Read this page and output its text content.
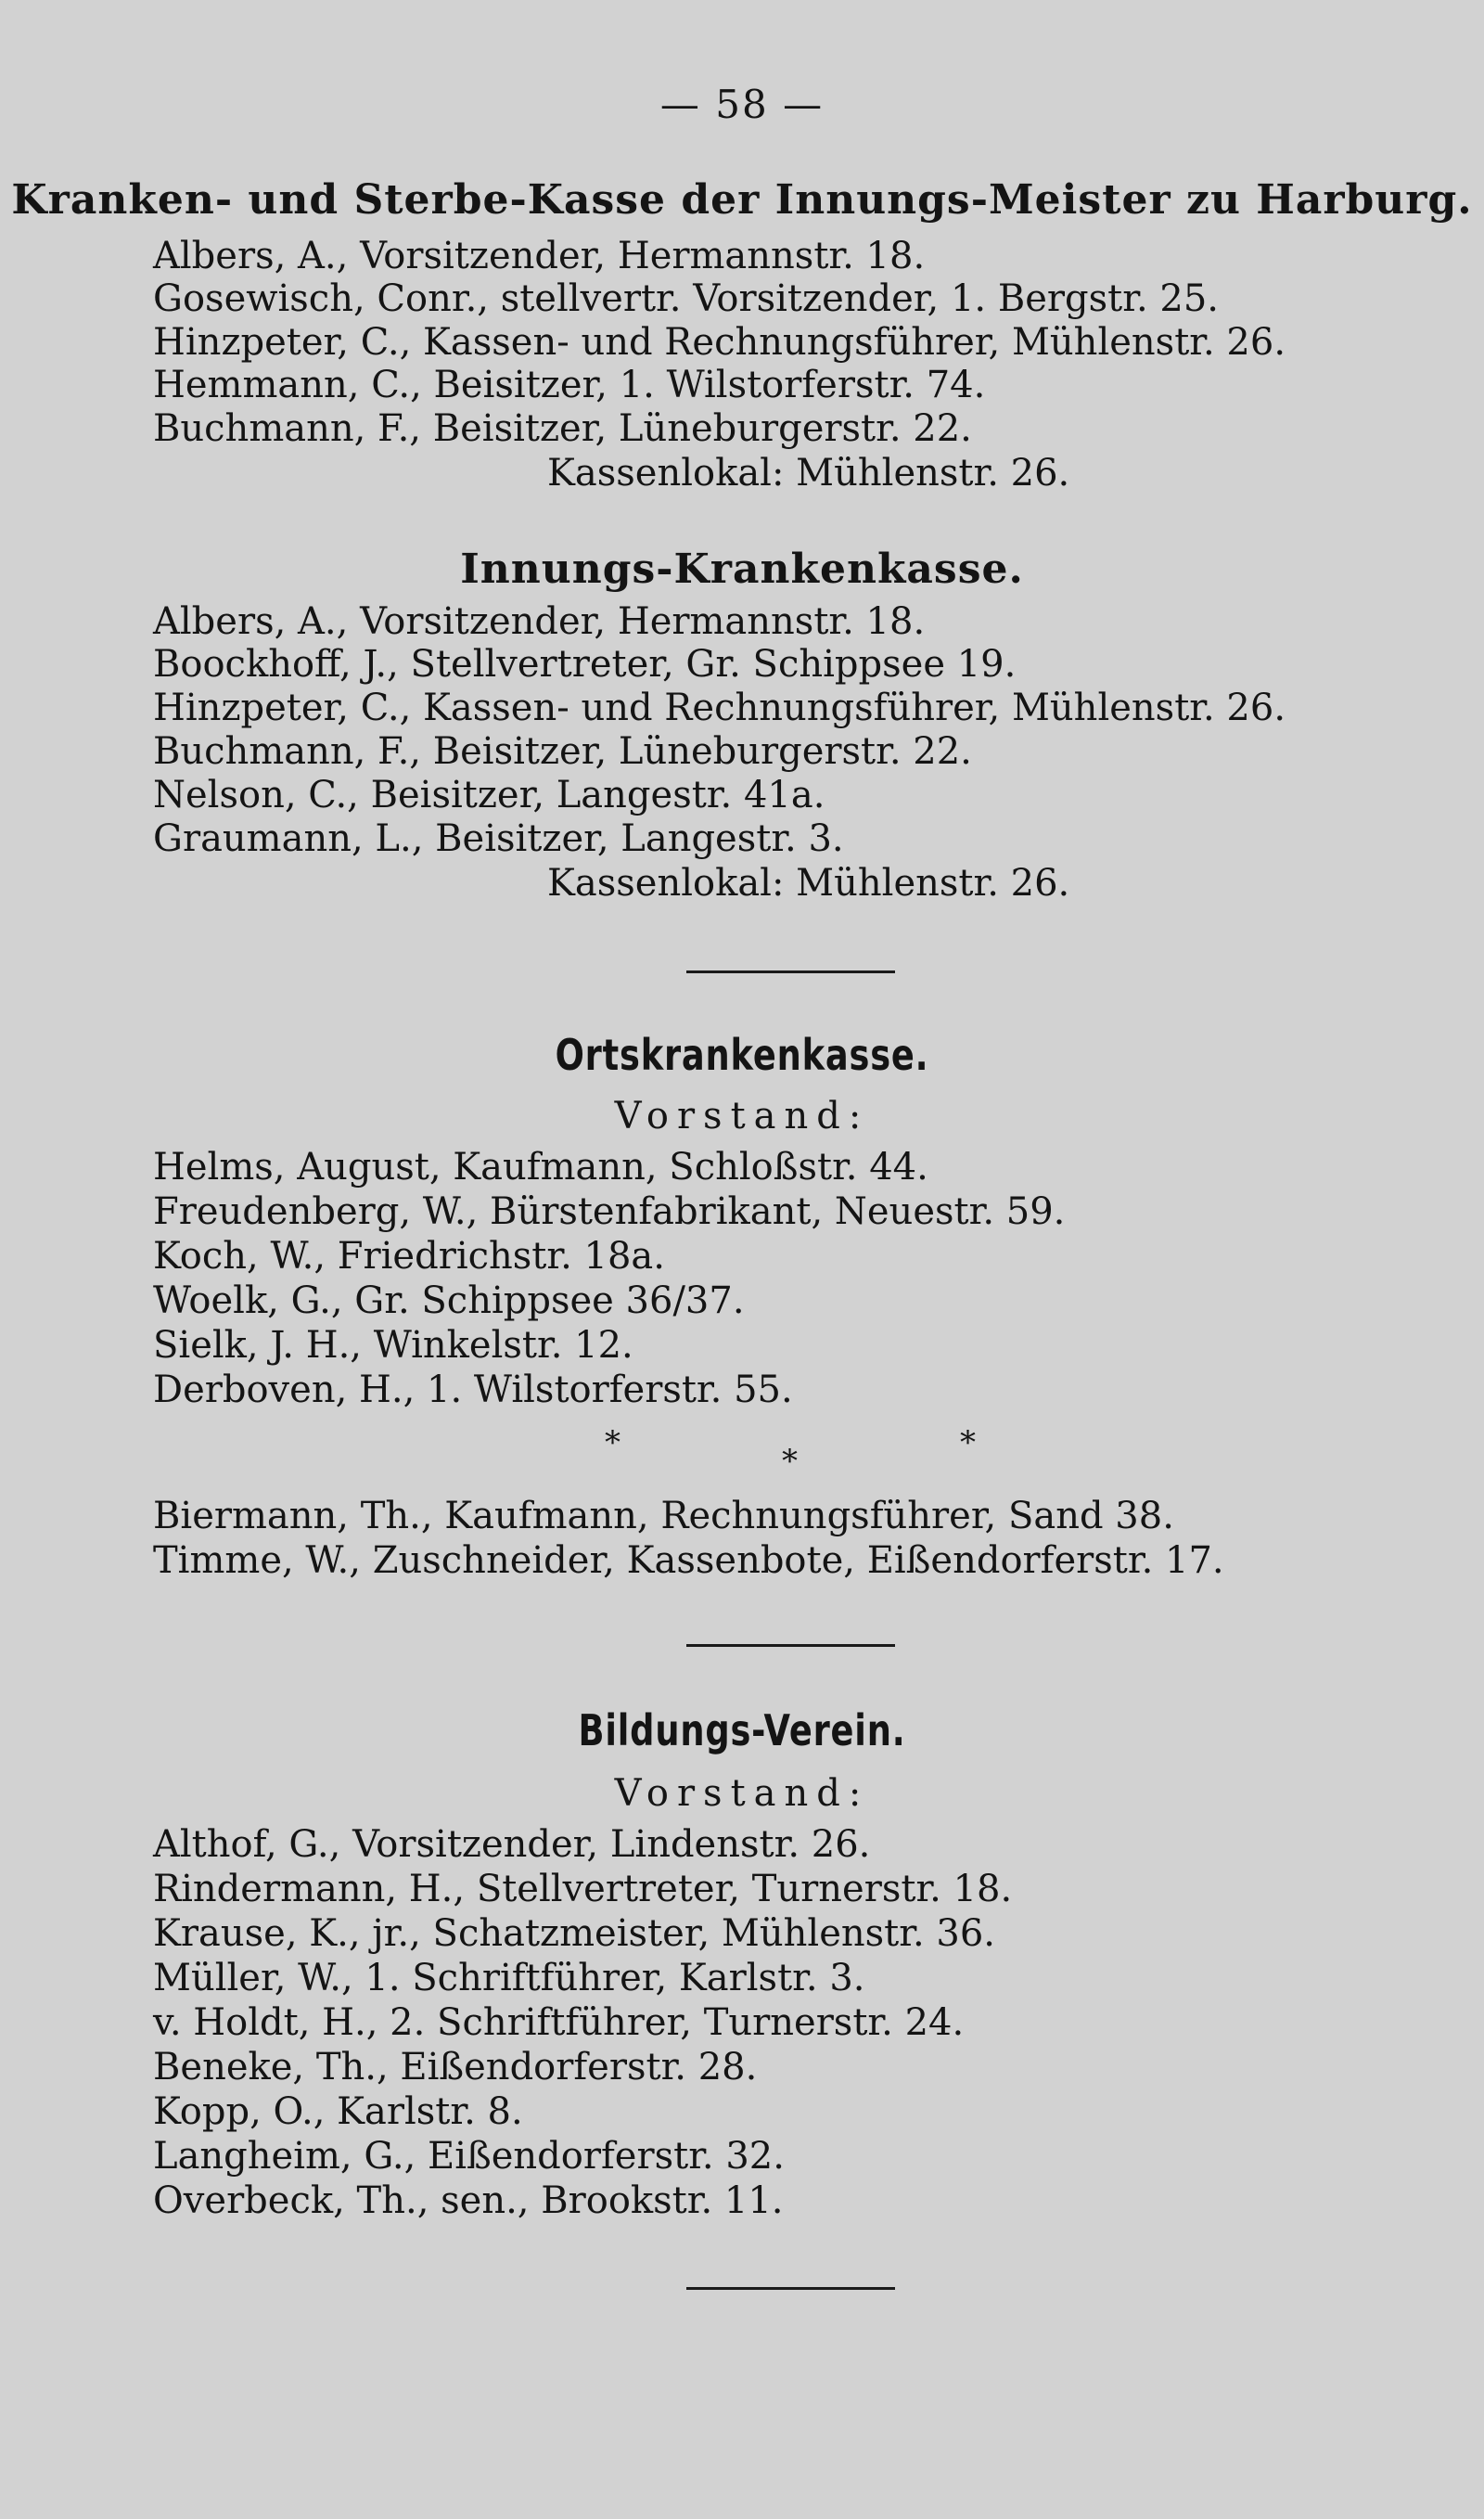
— 58 —
Kranken- und Sterbe-Kasse der Innungs-Meister zu Harburg.
Albers, A., Vorsitzender, Hermannstr. 18.
Gosewisch, Conr., stellvertr. Vorsitzender, 1. Bergstr. 25.
Hinzpeter, C., Kassen- und Rechnungsführer, Mühlenstr. 26.
Hemmann, C., Beisitzer, 1. Wilstorferstr. 74.
Buchmann, F., Beisitzer, Lüneburgerstr. 22.
Kassenlokal: Mühlenstr. 26.
Innungs-Krankenkasse.
Albers, A., Vorsitzender, Hermannstr. 18.
Boockhoff, J., Stellvertreter, Gr. Schippsee 19.
Hinzpeter, C., Kassen- und Rechnungsführer, Mühlenstr. 26.
Buchmann, F., Beisitzer, Lüneburgerstr. 22.
Nelson, C., Beisitzer, Langestr. 41a.
Graumann, L., Beisitzer, Langestr. 3.
Kassenlokal: Mühlenstr. 26.
Ortskrankenkasse.
Vorstand:
Helms, August, Kaufmann, Schloßstr. 44.
Freudenberg, W., Bürstenfabrikant, Neuestr. 59.
Koch, W., Friedrichstr. 18a.
Woelk, G., Gr. Schippsee 36/37.
Sielk, J. H., Winkelstr. 12.
Derboven, H., 1. Wilstorferstr. 55.
*	*	*
Biermann, Th., Kaufmann, Rechnungsführer, Sand 38.
Timme, W., Zuschneider, Kassenbote, Eißendorferstr. 17.
Bildungs-Verein.
Vorstand:
Althof, G., Vorsitzender, Lindenstr. 26.
Rindermann, H., Stellvertreter, Turnerstr. 18.
Krause, K., jr., Schatzmeister, Mühlenstr. 36.
Müller, W., 1. Schriftführer, Karlstr. 3.
v. Holdt, H., 2. Schriftführer, Turnerstr. 24.
Beneke, Th., Eißendorferstr. 28.
Kopp, O., Karlstr. 8.
Langheim, G., Eißendorferstr. 32.
Overbeck, Th., sen., Brookstr. 11.
